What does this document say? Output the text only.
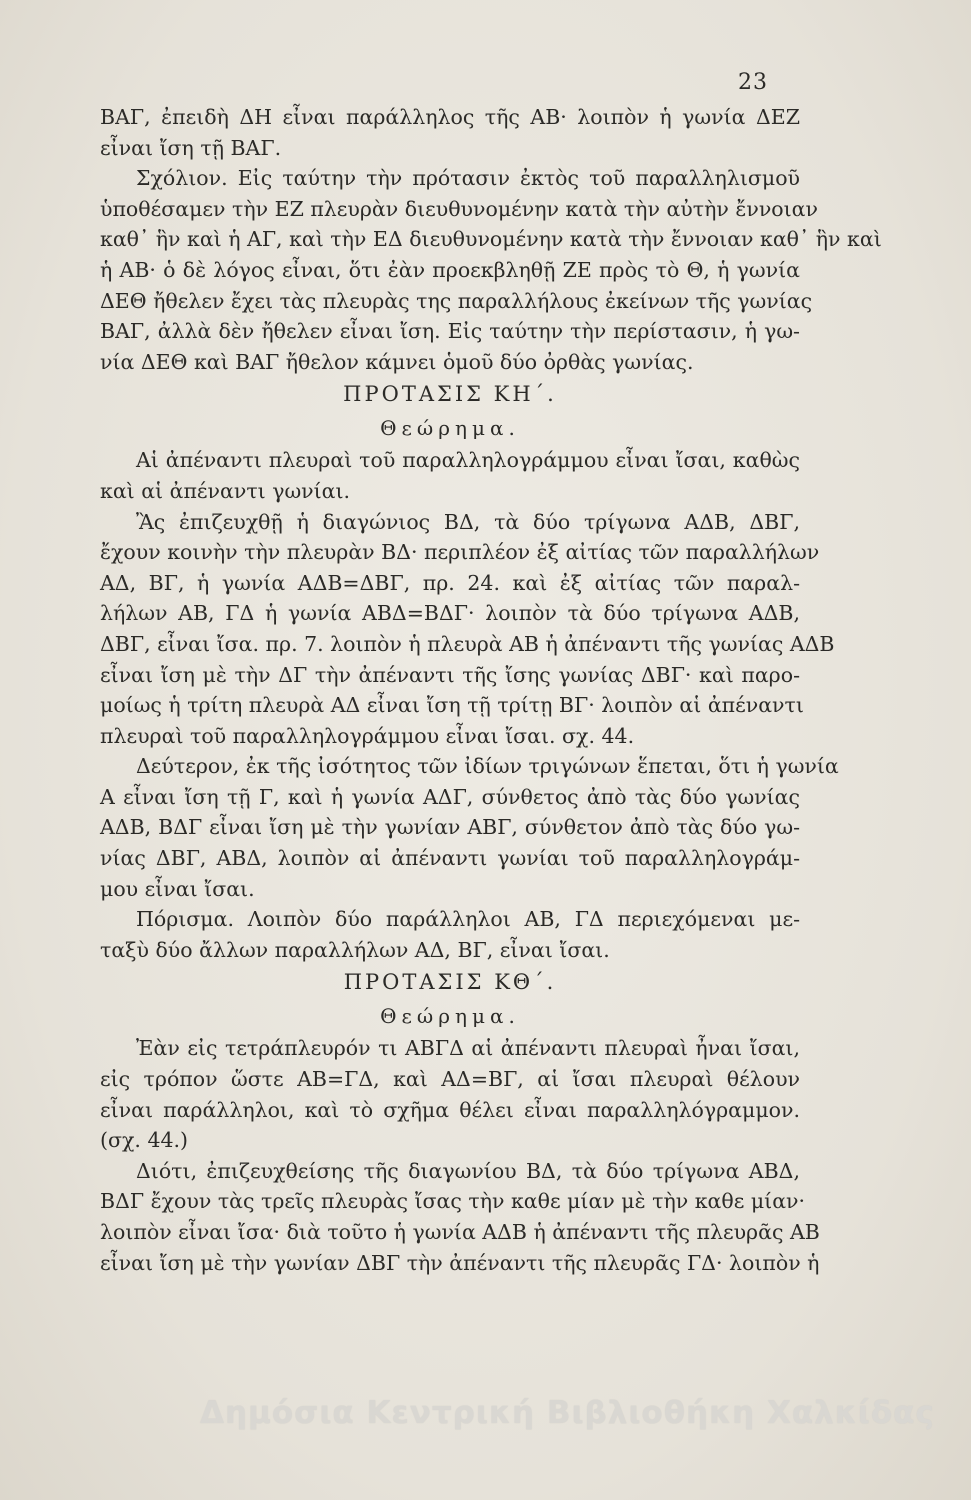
23
ΒΑΓ, ἐπειδὴ ΔΗ εἶναι παράλληλος τῆς ΑΒ· λοιπὸν ἡ γωνία ΔΕΖ
εἶναι ἴση τῇ ΒΑΓ.
Σχόλιον. Εἰς ταύτην τὴν πρότασιν ἐκτὸς τοῦ παραλληλισμοῦ
ὑποθέσαμεν τὴν ΕΖ πλευρὰν διευθυνομένην κατὰ τὴν αὐτὴν ἔννοιαν
καθ᾽ ἣν καὶ ἡ ΑΓ, καὶ τὴν ΕΔ διευθυνομένην κατὰ τὴν ἔννοιαν καθ᾽ ἣν καὶ
ἡ ΑΒ· ὁ δὲ λόγος εἶναι, ὅτι ἐὰν προεκβληθῇ ΖΕ πρὸς τὸ Θ, ἡ γωνία
ΔΕΘ ἤθελεν ἔχει τὰς πλευρὰς της παραλλήλους ἐκείνων τῆς γωνίας
ΒΑΓ, ἀλλὰ δὲν ἤθελεν εἶναι ἴση. Εἰς ταύτην τὴν περίστασιν, ἡ γω-
νία ΔΕΘ καὶ ΒΑΓ ἤθελον κάμνει ὁμοῦ δύο ὀρθὰς γωνίας.
ΠΡΟΤΑΣΙΣ ΚΗ΄.
Θεώρημα.
Αἱ ἀπέναντι πλευραὶ τοῦ παραλληλογράμμου εἶναι ἴσαι, καθὼς
καὶ αἱ ἀπέναντι γωνίαι.
Ἂς ἐπιζευχθῇ ἡ διαγώνιος ΒΔ, τὰ δύο τρίγωνα ΑΔΒ, ΔΒΓ,
ἔχουν κοινὴν τὴν πλευρὰν ΒΔ· περιπλέον ἐξ αἰτίας τῶν παραλλήλων
ΑΔ, ΒΓ, ἡ γωνία ΑΔΒ=ΔΒΓ, πρ. 24. καὶ ἐξ αἰτίας τῶν παραλ-
λήλων ΑΒ, ΓΔ ἡ γωνία ΑΒΔ=ΒΔΓ· λοιπὸν τὰ δύο τρίγωνα ΑΔΒ,
ΔΒΓ, εἶναι ἴσα. πρ. 7. λοιπὸν ἡ πλευρὰ ΑΒ ἡ ἀπέναντι τῆς γωνίας ΑΔΒ
εἶναι ἴση μὲ τὴν ΔΓ τὴν ἀπέναντι τῆς ἴσης γωνίας ΔΒΓ· καὶ παρο-
μοίως ἡ τρίτη πλευρὰ ΑΔ εἶναι ἴση τῇ τρίτῃ ΒΓ· λοιπὸν αἱ ἀπέναντι
πλευραὶ τοῦ παραλληλογράμμου εἶναι ἴσαι. σχ. 44.
Δεύτερον, ἐκ τῆς ἰσότητος τῶν ἰδίων τριγώνων ἕπεται, ὅτι ἡ γωνία
Α εἶναι ἴση τῇ Γ, καὶ ἡ γωνία ΑΔΓ, σύνθετος ἀπὸ τὰς δύο γωνίας
ΑΔΒ, ΒΔΓ εἶναι ἴση μὲ τὴν γωνίαν ΑΒΓ, σύνθετον ἀπὸ τὰς δύο γω-
νίας ΔΒΓ, ΑΒΔ, λοιπὸν αἱ ἀπέναντι γωνίαι τοῦ παραλληλογράμ-
μου εἶναι ἴσαι.
Πόρισμα. Λοιπὸν δύο παράλληλοι ΑΒ, ΓΔ περιεχόμεναι με-
ταξὺ δύο ἄλλων παραλλήλων ΑΔ, ΒΓ, εἶναι ἴσαι.
ΠΡΟΤΑΣΙΣ ΚΘ΄.
Θεώρημα.
Ἐὰν εἰς τετράπλευρόν τι ΑΒΓΔ αἱ ἀπέναντι πλευραὶ ἦναι ἴσαι,
εἰς τρόπον ὥστε ΑΒ=ΓΔ, καὶ ΑΔ=ΒΓ, αἱ ἴσαι πλευραὶ θέλουν
εἶναι παράλληλοι, καὶ τὸ σχῆμα θέλει εἶναι παραλληλόγραμμον.
(σχ. 44.)
Διότι, ἐπιζευχθείσης τῆς διαγωνίου ΒΔ, τὰ δύο τρίγωνα ΑΒΔ,
ΒΔΓ ἔχουν τὰς τρεῖς πλευρὰς ἴσας τὴν καθε μίαν μὲ τὴν καθε μίαν·
λοιπὸν εἶναι ἴσα· διὰ τοῦτο ἡ γωνία ΑΔΒ ἡ ἀπέναντι τῆς πλευρᾶς ΑΒ
εἶναι ἴση μὲ τὴν γωνίαν ΔΒΓ τὴν ἀπέναντι τῆς πλευρᾶς ΓΔ· λοιπὸν ἡ
Δημόσια Κεντρική Βιβλιοθήκη Χαλκίδας
